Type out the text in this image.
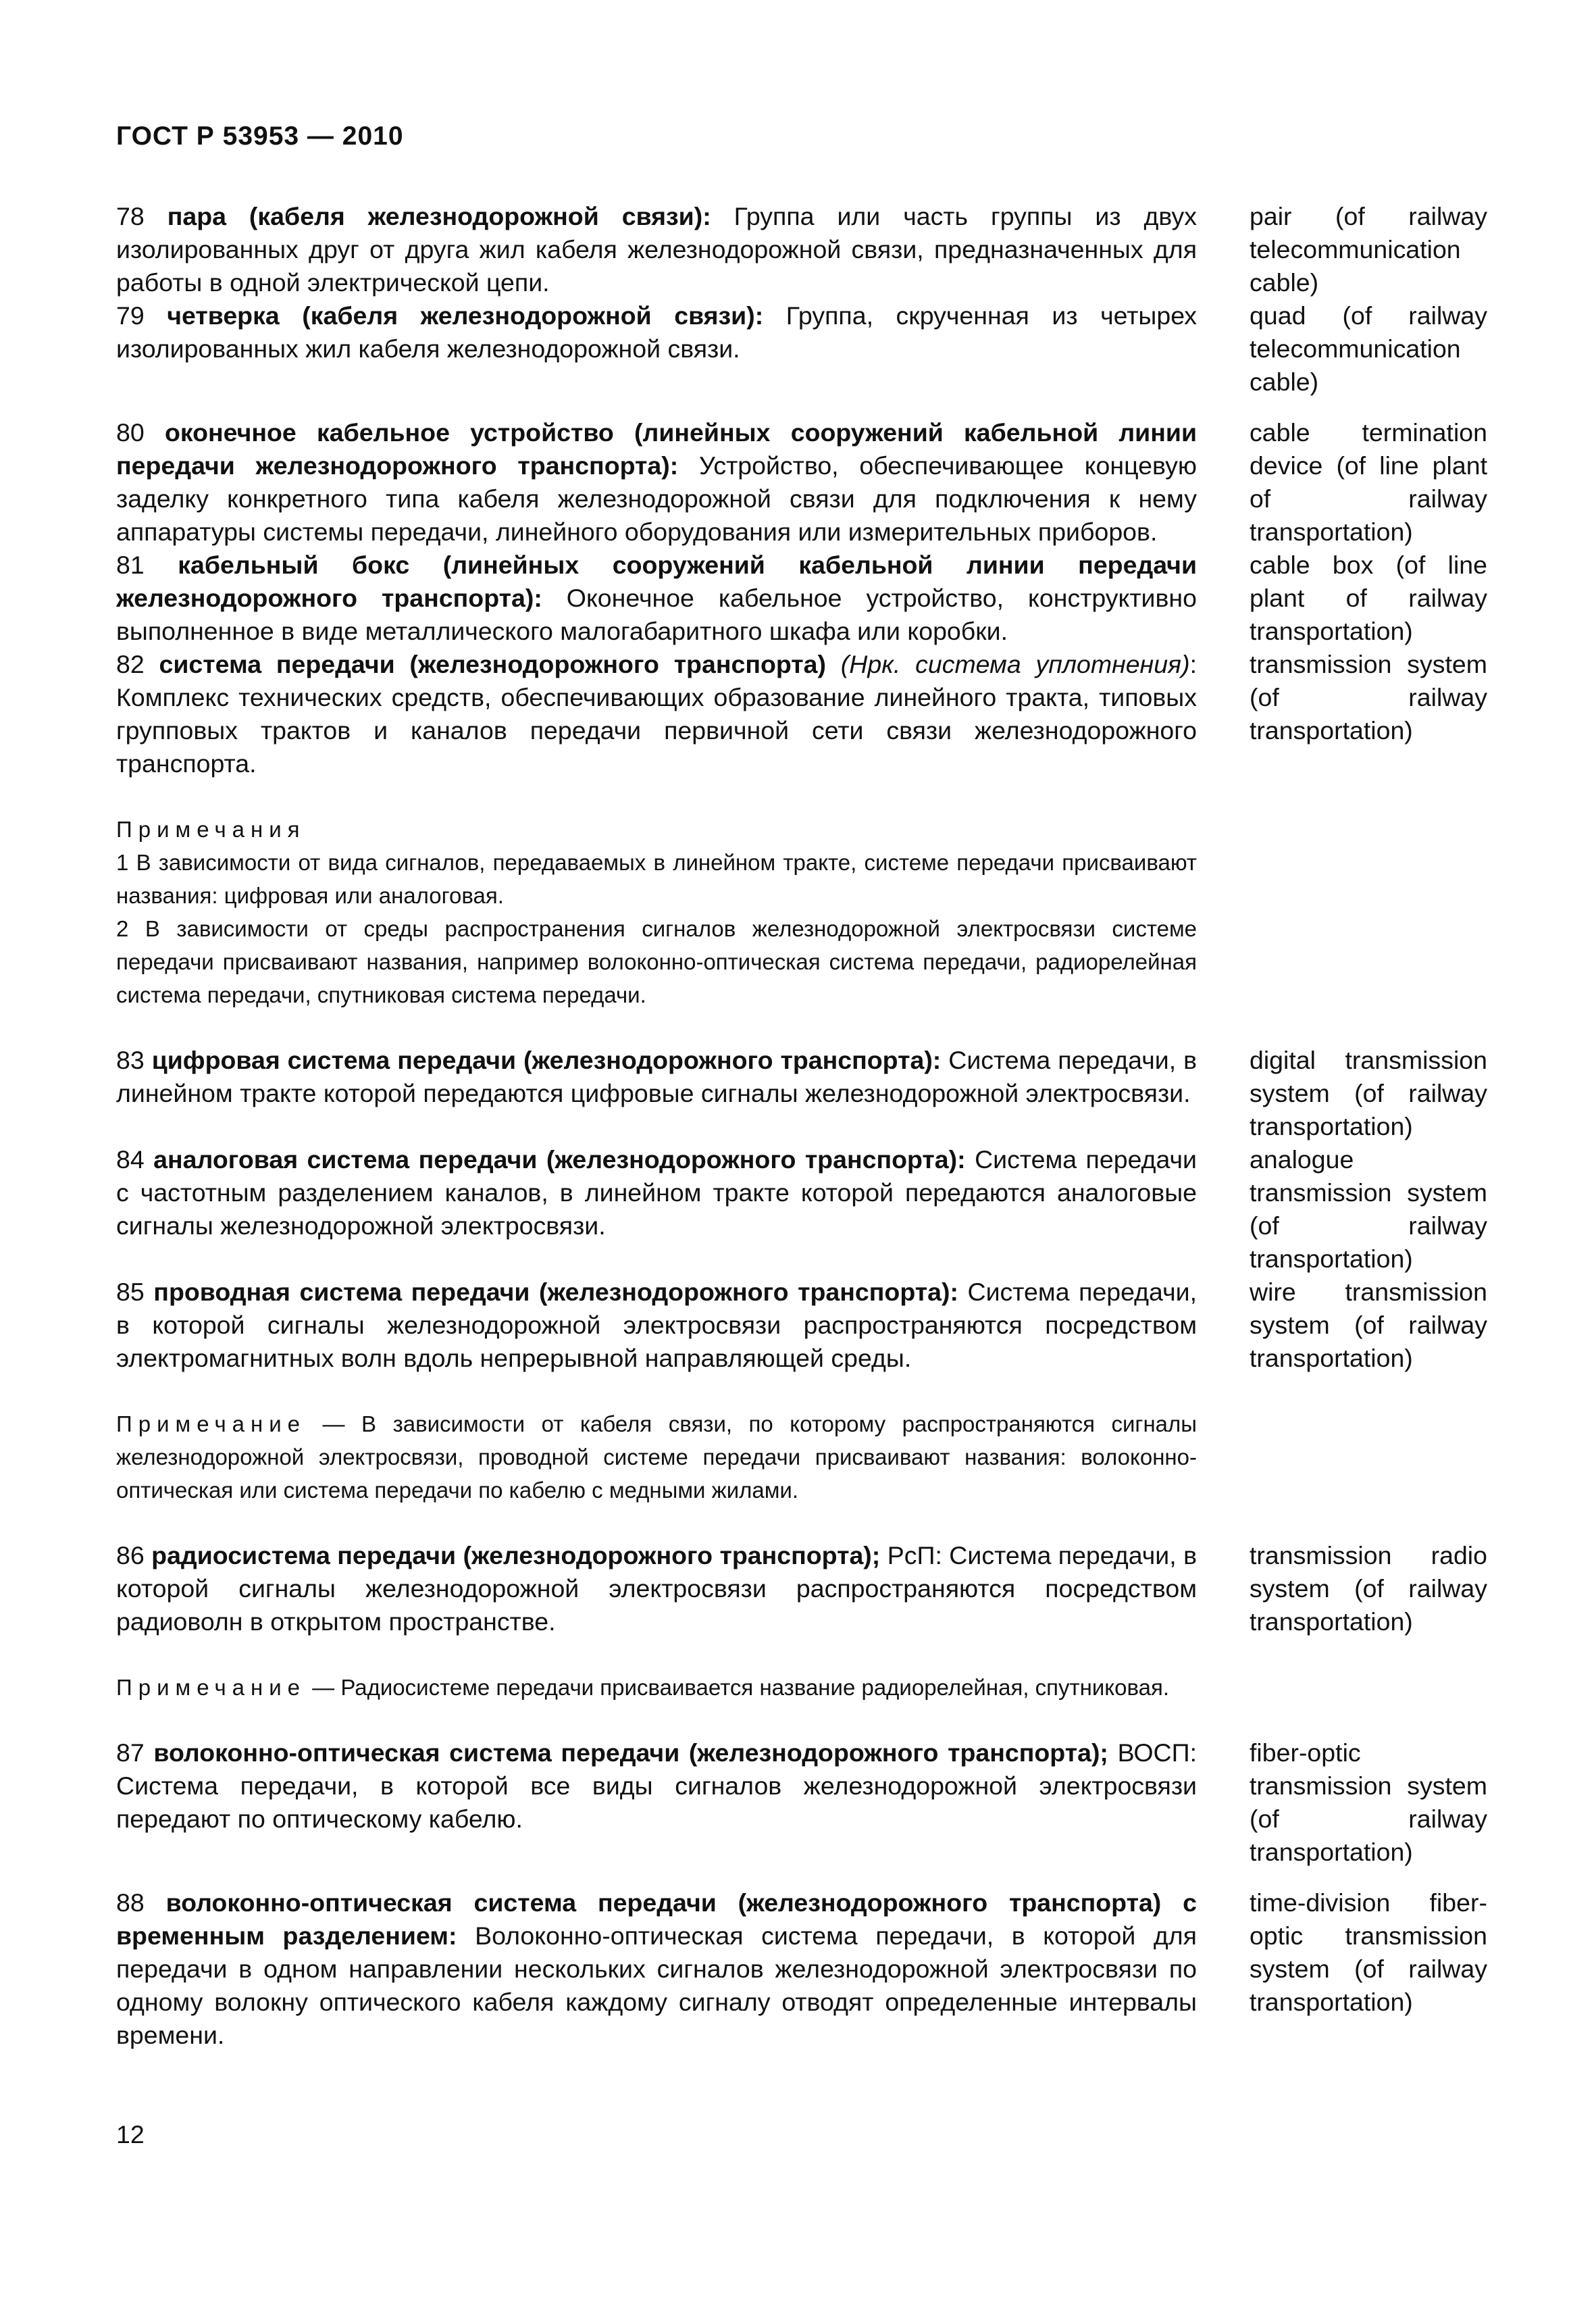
ГОСТ Р 53953 — 2010

78 пара (кабеля железнодорожной связи): Группа или часть группы из двух изолированных друг от друга жил кабеля железнодорожной связи, предназначенных для работы в одной электрической цепи.

pair (of railway telecommunication cable)

79 четверка (кабеля железнодорожной связи): Группа, скрученная из четырех изолированных жил кабеля железнодорожной связи.

quad (of railway telecommunication cable)

80 оконечное кабельное устройство (линейных сооружений кабельной линии передачи железнодорожного транспорта): Устройство, обеспечивающее концевую заделку конкретного типа кабеля железнодорожной связи для подключения к нему аппаратуры системы передачи, линейного оборудования или измерительных приборов.

cable termination device (of line plant of railway transportation)

81 кабельный бокс (линейных сооружений кабельной линии передачи железнодорожного транспорта): Оконечное кабельное устройство, конструктивно выполненное в виде металлического малогабаритного шкафа или коробки.

cable box (of line plant of railway transportation)

82 система передачи (железнодорожного транспорта) (Нрк. система уплотнения): Комплекс технических средств, обеспечивающих образование линейного тракта, типовых групповых трактов и каналов передачи первичной сети связи железнодорожного транспорта.

transmission system (of railway transportation)

Примечания

1 В зависимости от вида сигналов, передаваемых в линейном тракте, системе передачи присваивают названия: цифровая или аналоговая.

2 В зависимости от среды распространения сигналов железнодорожной электросвязи системе передачи присваивают названия, например волоконно-оптическая система передачи, радиорелейная система передачи, спутниковая система передачи.

83 цифровая система передачи (железнодорожного транспорта): Система передачи, в линейном тракте которой передаются цифровые сигналы железнодорожной электросвязи.

digital transmission system (of railway transportation)

84 аналоговая система передачи (железнодорожного транспорта): Система передачи с частотным разделением каналов, в линейном тракте которой передаются аналоговые сигналы железнодорожной электросвязи.

analogue transmission system (of railway transportation)

85 проводная система передачи (железнодорожного транспорта): Система передачи, в которой сигналы железнодорожной электросвязи распространяются посредством электромагнитных волн вдоль непрерывной направляющей среды.

wire transmission system (of railway transportation)

Примечание — В зависимости от кабеля связи, по которому распространяются сигналы железнодорожной электросвязи, проводной системе передачи присваивают названия: волоконно-оптическая или система передачи по кабелю с медными жилами.

86 радиосистема передачи (железнодорожного транспорта); РсП: Система передачи, в которой сигналы железнодорожной электросвязи распространяются посредством радиоволн в открытом пространстве.

transmission radio system (of railway transportation)

Примечание — Радиосистеме передачи присваивается название радиорелейная, спутниковая.

87 волоконно-оптическая система передачи (железнодорожного транспорта); ВОСП: Система передачи, в которой все виды сигналов железнодорожной электросвязи передают по оптическому кабелю.

fiber-optic transmission system (of railway transportation)

88 волоконно-оптическая система передачи (железнодорожного транспорта) с временным разделением: Волоконно-оптическая система передачи, в которой для передачи в одном направлении нескольких сигналов железнодорожной электросвязи по одному волокну оптического кабеля каждому сигналу отводят определенные интервалы времени.

time-division fiber-optic transmission system (of railway transportation)

12
